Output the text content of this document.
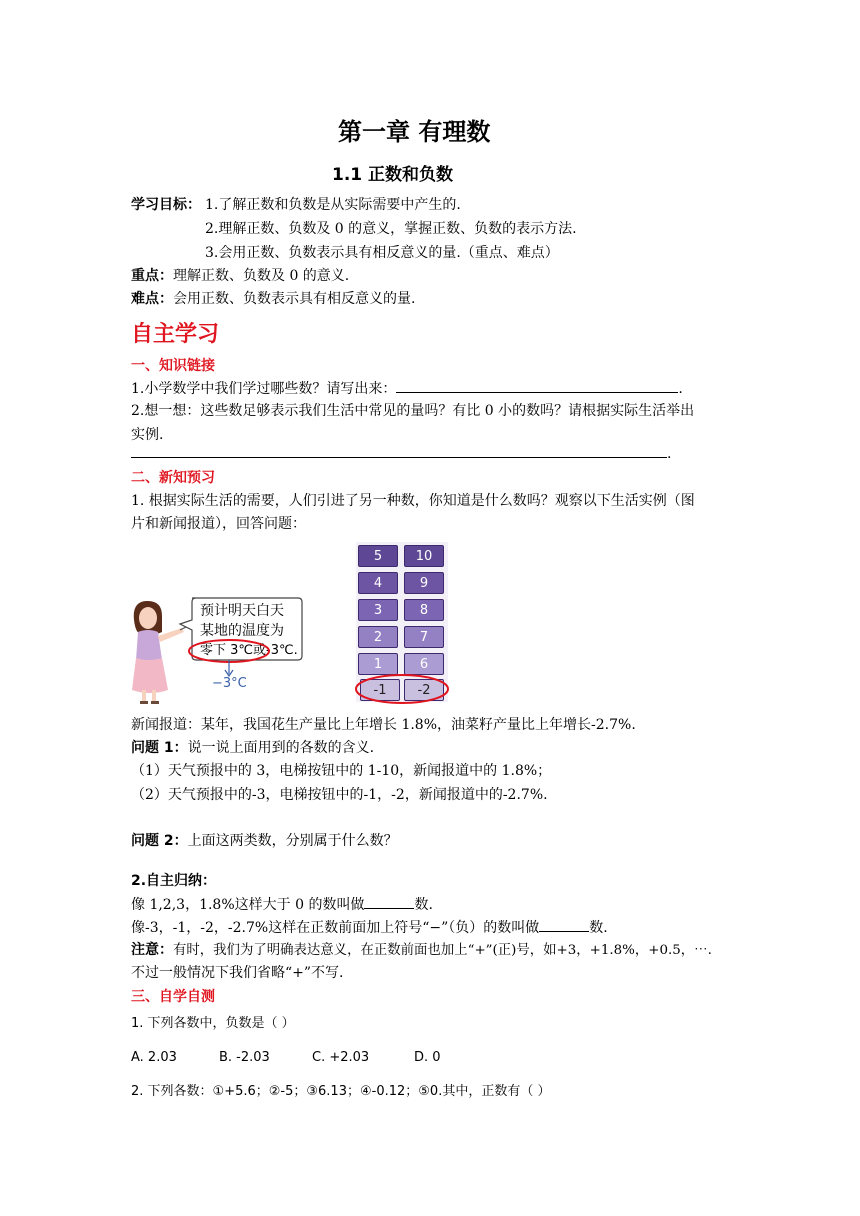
第一章 有理数
1.1 正数和负数
学习目标： 1.了解正数和负数是从实际需要中产生的.
2.理解正数、负数及 0 的意义，掌握正数、负数的表示方法.
3.会用正数、负数表示具有相反意义的量.（重点、难点）
重点：理解正数、负数及 0 的意义.
难点：会用正数、负数表示具有相反意义的量.
自主学习
一、知识链接
1.小学数学中我们学过哪些数？请写出来：	.
2.想一想：这些数足够表示我们生活中常见的量吗？有比 0 小的数吗？请根据实际生活举出
实例.
.
二、新知预习
1. 根据实际生活的需要，人们引进了另一种数，你知道是什么数吗？观察以下生活实例（图
片和新闻报道），回答问题：
预计明天白天
某地的温度为
零下 3℃或-3℃.
−3°C
5	10
4	9
3	8
2	7
1	6
-1	-2
新闻报道：某年，我国花生产量比上年增长 1.8%，油菜籽产量比上年增长-2.7%.
问题 1：说一说上面用到的各数的含义.
（1）天气预报中的 3，电梯按钮中的 1-10，新闻报道中的 1.8%；
（2）天气预报中的-3，电梯按钮中的-1，-2，新闻报道中的-2.7%.
问题 2：上面这两类数，分别属于什么数？
2.自主归纳：
像 1,2,3，1.8%这样大于 0 的数叫做	数.
像-3，-1，-2，-2.7%这样在正数前面加上符号“−”（负）的数叫做	数.
注意：有时，我们为了明确表达意义，在正数前面也加上“+”(正)号，如+3，+1.8%，+0.5，⋯.
不过一般情况下我们省略“+”不写.
三、自学自测
1. 下列各数中，负数是（ ）
A. 2.03	B. -2.03	C. +2.03	D. 0
2. 下列各数：①+5.6；②-5；③6.13；④-0.12；⑤0.其中，正数有（ ）
